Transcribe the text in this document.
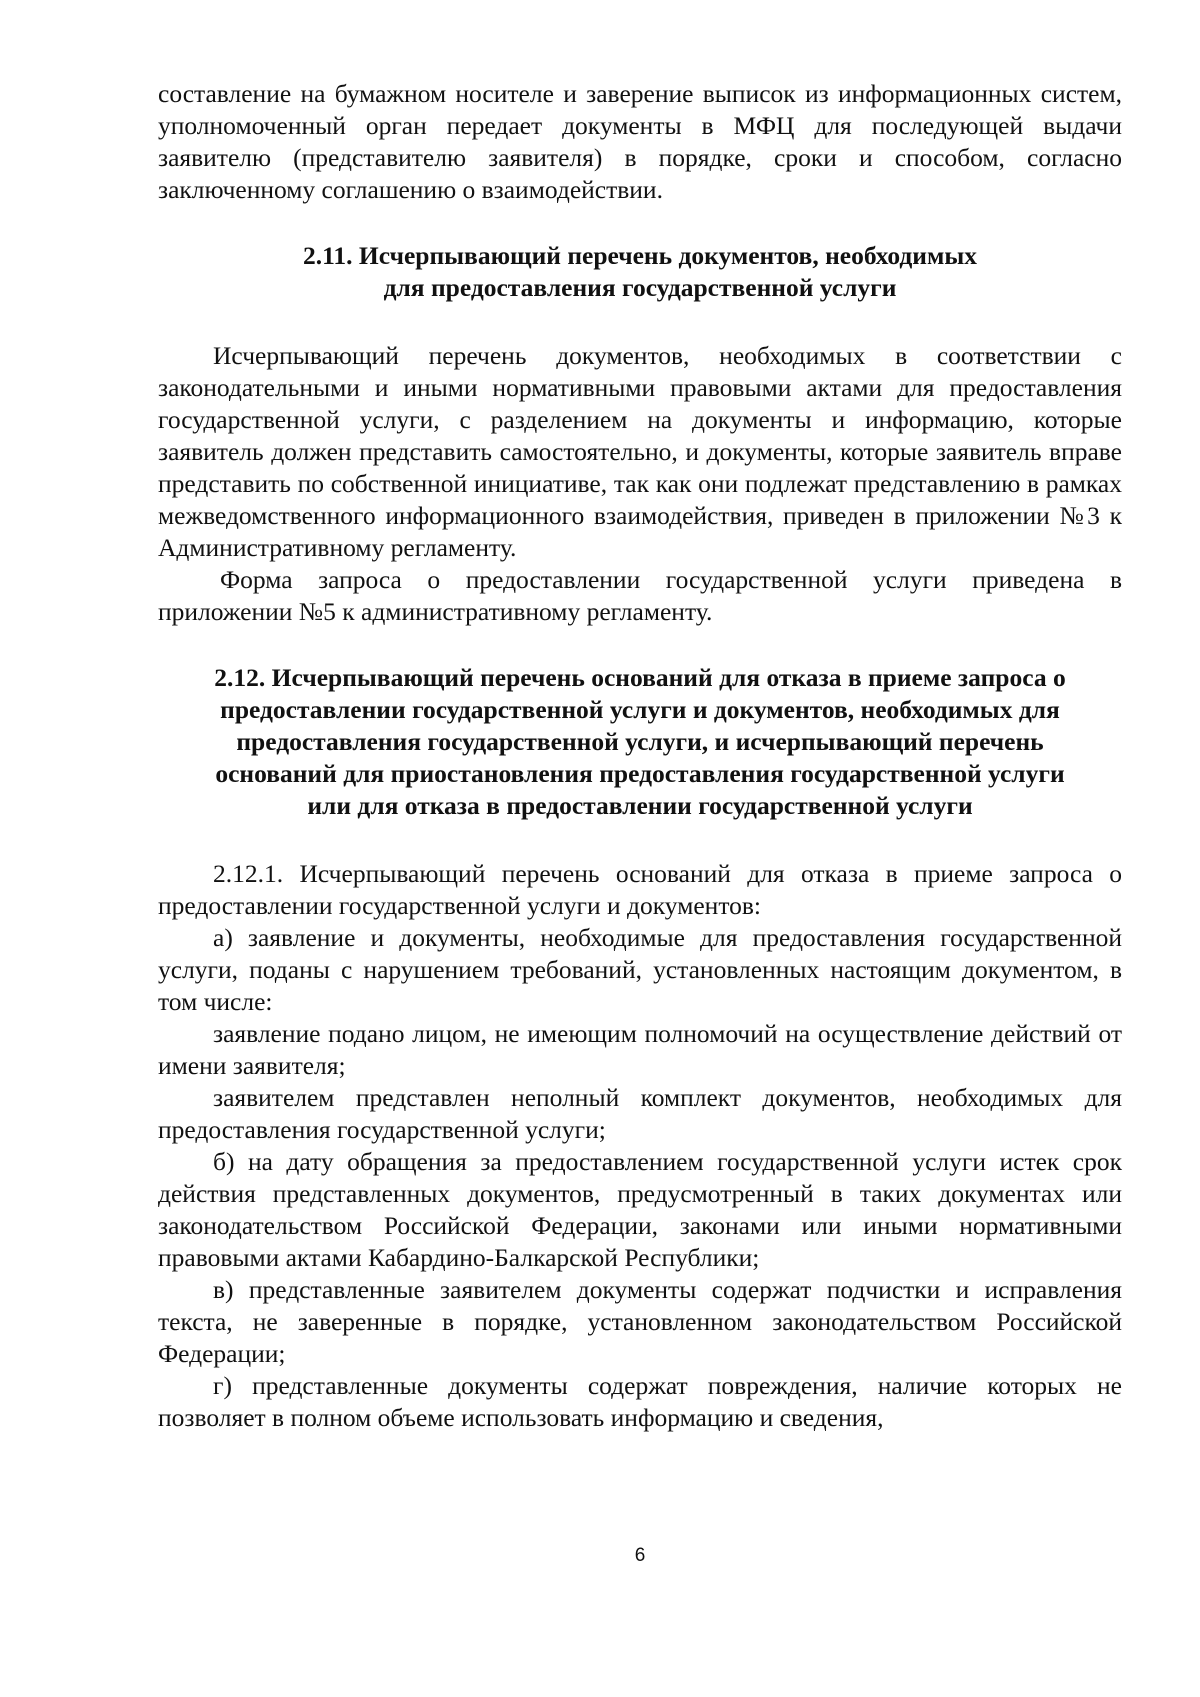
составление на бумажном носителе и заверение выписок из информационных систем, уполномоченный орган передает документы в МФЦ для последующей выдачи заявителю (представителю заявителя) в порядке, сроки и способом, согласно заключенному соглашению о взаимодействии.

2.11. Исчерпывающий перечень документов, необходимых
для предоставления государственной услуги

Исчерпывающий перечень документов, необходимых в соответствии с законодательными и иными нормативными правовыми актами для предоставления государственной услуги, с разделением на документы и информацию, которые заявитель должен представить самостоятельно, и документы, которые заявитель вправе представить по собственной инициативе, так как они подлежат представлению в рамках межведомственного информационного взаимодействия, приведен в приложении №3 к Административному регламенту.

Форма запроса о предоставлении государственной услуги приведена в приложении №5 к административному регламенту.

2.12. Исчерпывающий перечень оснований для отказа в приеме запроса о
предоставлении государственной услуги и документов, необходимых для
предоставления государственной услуги, и исчерпывающий перечень
оснований для приостановления предоставления государственной услуги
или для отказа в предоставлении государственной услуги

2.12.1. Исчерпывающий перечень оснований для отказа в приеме запроса о предоставлении государственной услуги и документов:

а) заявление и документы, необходимые для предоставления государственной услуги, поданы с нарушением требований, установленных настоящим документом, в том числе:

заявление подано лицом, не имеющим полномочий на осуществление действий от имени заявителя;

заявителем представлен неполный комплект документов, необходимых для предоставления государственной услуги;

б) на дату обращения за предоставлением государственной услуги истек срок действия представленных документов, предусмотренный в таких документах или законодательством Российской Федерации, законами или иными нормативными правовыми актами Кабардино-Балкарской Республики;

в) представленные заявителем документы содержат подчистки и исправления текста, не заверенные в порядке, установленном законодательством Российской Федерации;

г) представленные документы содержат повреждения, наличие которых не позволяет в полном объеме использовать информацию и сведения,

6
